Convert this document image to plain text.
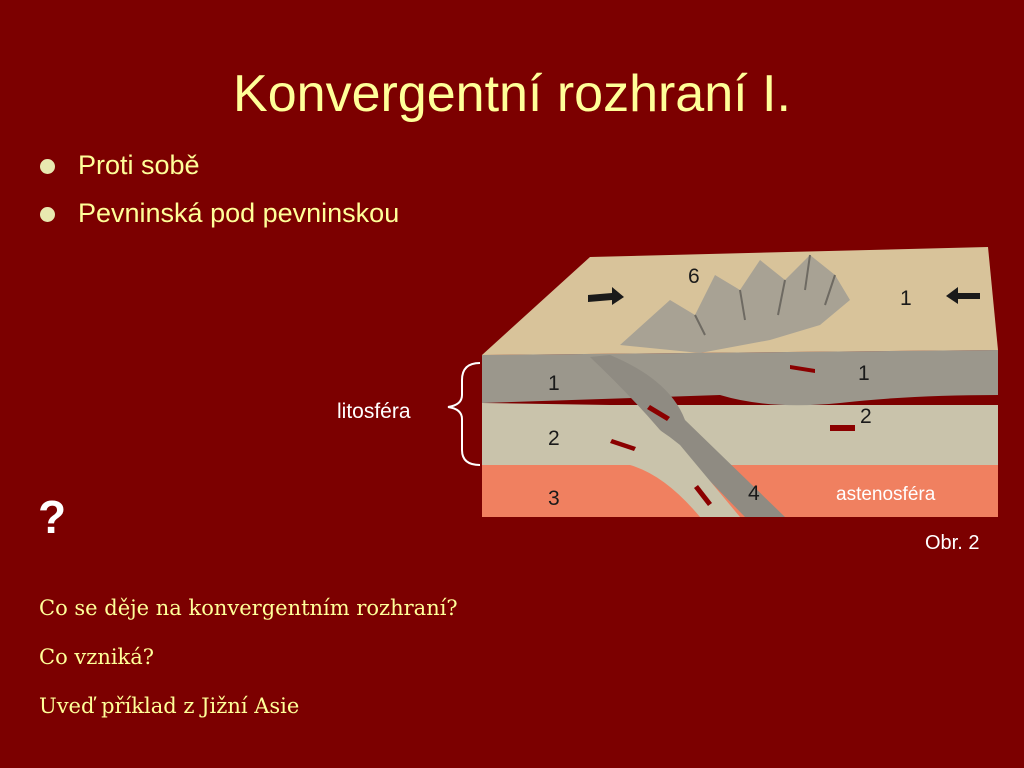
Konvergentní rozhraní I.
Proti sobě
Pevninská pod pevninskou
?
Co se děje na konvergentním rozhraní?
Co vzniká?
Uveď příklad z Jižní Asie
litosféra
6
1
1	1
2
2
3	4	astenosféra
Obr. 2
